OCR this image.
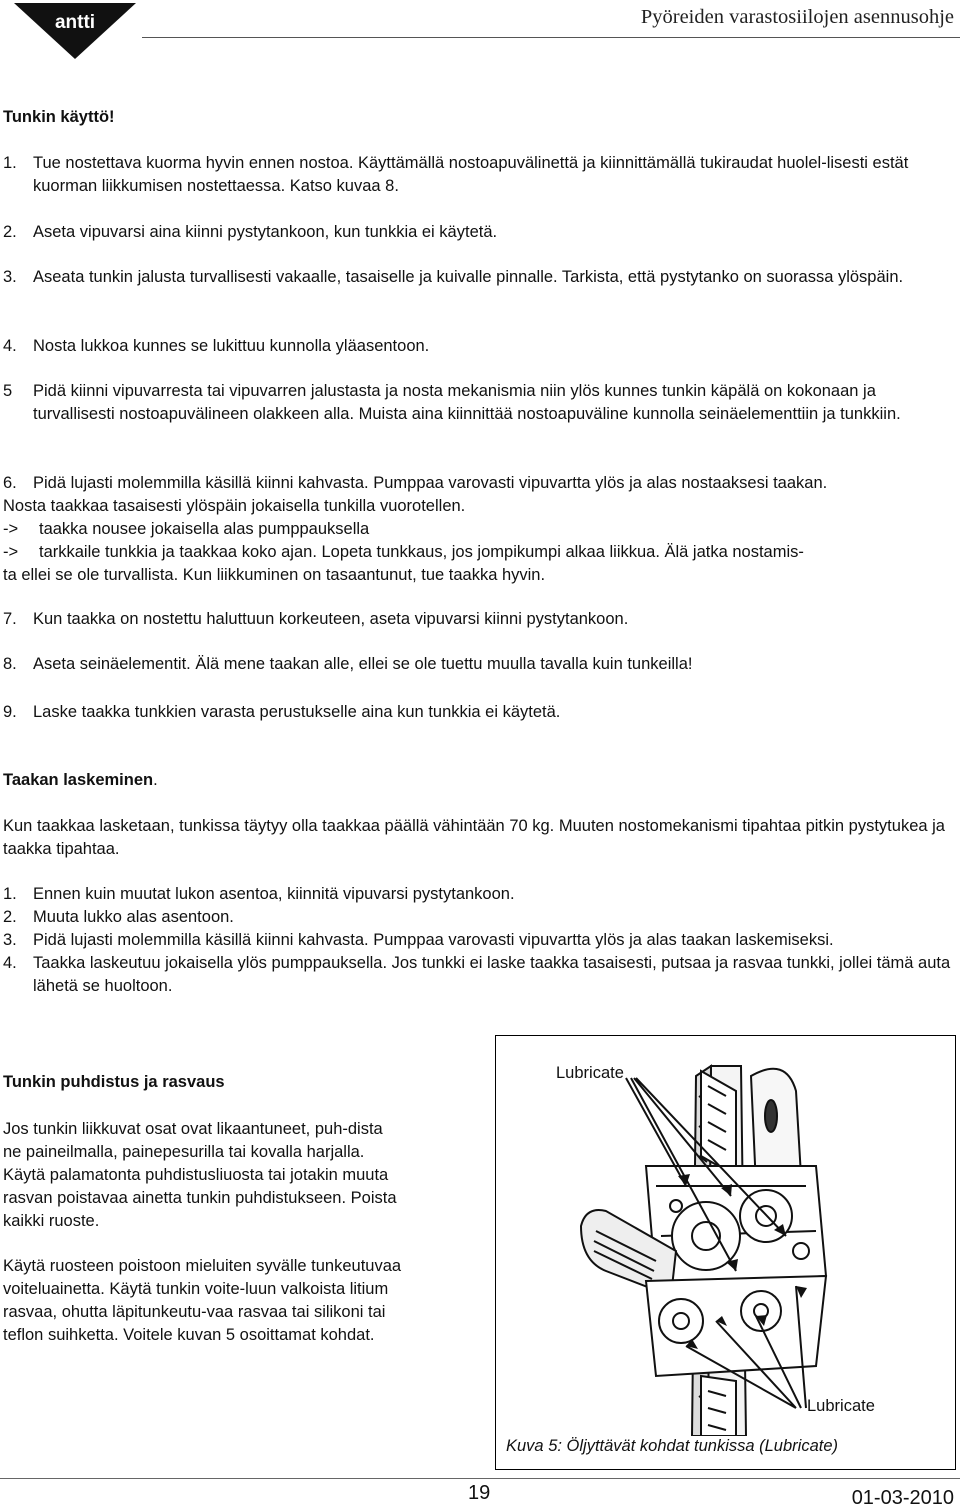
antti	Pyöreiden varastosiilojen asennusohje
Tunkin käyttö!
1. Tue nostettava kuorma hyvin ennen nostoa. Käyttämällä nostoapuvälinettä ja kiinnittämällä tukiraudat huolel-lisesti estät kuorman liikkumisen nostettaessa. Katso kuvaa 8.
2. Aseta vipuvarsi aina kiinni pystytankoon, kun tunkkia ei käytetä.
3. Aseata tunkin jalusta turvallisesti vakaalle, tasaiselle ja kuivalle pinnalle. Tarkista, että pystytanko on suorassa ylöspäin.
4. Nosta lukkoa kunnes se lukittuu kunnolla yläasentoon.
5	Pidä kiinni vipuvarresta tai vipuvarren jalustasta ja nosta mekanismia niin ylös kunnes tunkin käpälä on kokonaan ja turvallisesti nostoapuvälineen olakkeen alla. Muista aina kiinnittää nostoapuväline kunnolla seinäelementtiin ja tunkkiin.
6. Pidä lujasti molemmilla käsillä kiinni kahvasta. Pumppaa varovasti vipuvartta ylös ja alas nostaaksesi taakan.
Nosta taakkaa tasaisesti ylöspäin jokaisella tunkilla vuorotellen.
-> taakka nousee jokaisella alas pumppauksella
-> tarkkaile tunkkia ja taakkaa koko ajan. Lopeta tunkkaus, jos jompikumpi alkaa liikkua. Älä jatka nostamis-
ta ellei se ole turvallista. Kun liikkuminen on tasaantunut, tue taakka hyvin.
7. Kun taakka on nostettu haluttuun korkeuteen, aseta vipuvarsi kiinni pystytankoon.
8. Aseta seinäelementit. Älä mene taakan alle, ellei se ole tuettu muulla tavalla kuin tunkeilla!
9. Laske taakka tunkkien varasta perustukselle aina kun tunkkia ei käytetä.
Taakan laskeminen.
Kun taakkaa lasketaan, tunkissa täytyy olla taakkaa päällä vähintään 70 kg. Muuten nostomekanismi tipahtaa pitkin pystytukea ja taakka tipahtaa.
1. Ennen kuin muutat lukon asentoa, kiinnitä vipuvarsi pystytankoon.
2. Muuta lukko alas asentoon.
3. Pidä lujasti molemmilla käsillä kiinni kahvasta. Pumppaa varovasti vipuvartta ylös ja alas taakan laskemiseksi.
4. Taakka laskeutuu jokaisella ylös pumppauksella. Jos tunkki ei laske taakka tasaisesti, putsaa ja rasvaa tunkki, jollei tämä auta lähetä se huoltoon.
Tunkin puhdistus ja rasvaus
Jos tunkin liikkuvat osat ovat likaantuneet, puh-dista ne paineilmalla, painepesurilla tai kovalla harjalla. Käytä palamatonta puhdistusliuosta tai jotakin muuta rasvan poistavaa ainetta tunkin puhdistukseen. Poista kaikki ruoste.
Käytä ruosteen poistoon mieluiten syvälle tunkeutuvaa voiteluainetta. Käytä tunkin voite-luun valkoista litium rasvaa, ohutta läpitunkeutu-vaa rasvaa tai silikoni tai teflon suihketta. Voitele kuvan 5 osoittamat kohdat.
Lubricate
Lubricate
Kuva 5: Öljyttävät kohdat tunkissa (Lubricate)
19	01-03-2010
